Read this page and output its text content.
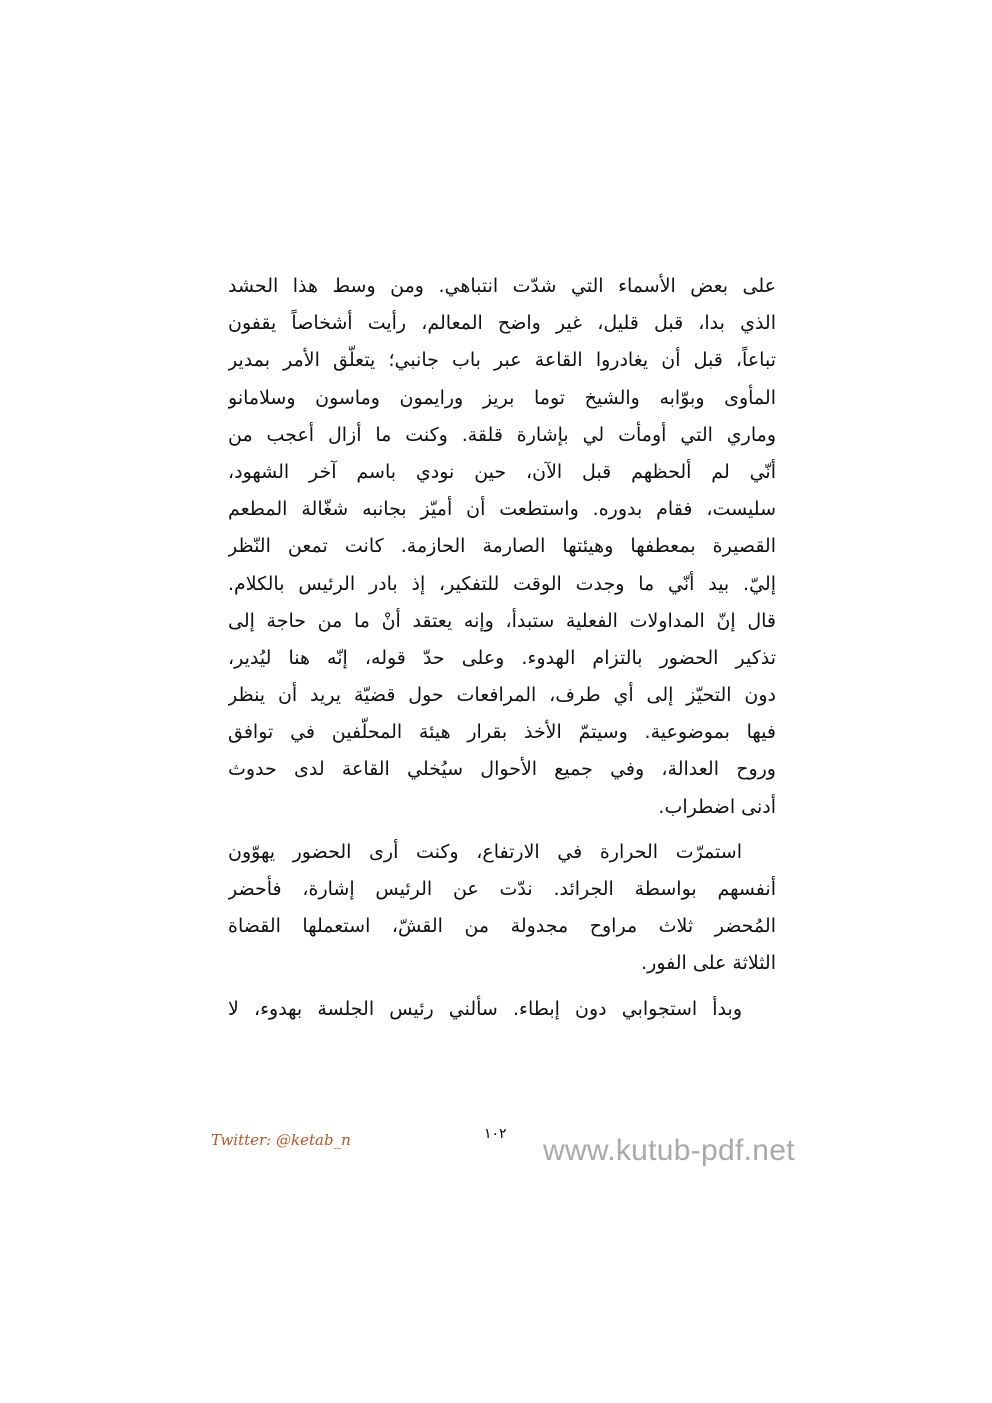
على بعض الأسماء التي شدّت انتباهي. ومن وسط هذا الحشد
الذي بدا، قبل قليل، غير واضح المعالم، رأيت أشخاصاً يقفون
تباعاً، قبل أن يغادروا القاعة عبر باب جانبي؛ يتعلّق الأمر بمدير
المأوى وبوّابه والشيخ توما بريز ورايمون وماسون وسلامانو
وماري التي أومأت لي بإشارة قلقة. وكنت ما أزال أعجب من
أنّي لم ألحظهم قبل الآن، حين نودي باسم آخر الشهود،
سليست، فقام بدوره. واستطعت أن أميّز بجانبه شغّالة المطعم
القصيرة بمعطفها وهيئتها الصارمة الحازمة. كانت تمعن النّظر
إليّ. بيد أنّي ما وجدت الوقت للتفكير، إذ بادر الرئيس بالكلام.
قال إنّ المداولات الفعلية ستبدأ، وإنه يعتقد أنْ ما من حاجة إلى
تذكير الحضور بالتزام الهدوء. وعلى حدّ قوله، إنّه هنا ليُدير،
دون التحيّز إلى أي طرف، المرافعات حول قضيّة يريد أن ينظر
فيها بموضوعية. وسيتمّ الأخذ بقرار هيئة المحلّفين في توافق
وروح العدالة، وفي جميع الأحوال سيُخلي القاعة لدى حدوث
أدنى اضطراب.
استمرّت الحرارة في الارتفاع، وكنت أرى الحضور يهوّون
أنفسهم بواسطة الجرائد. ندّت عن الرئيس إشارة، فأحضر
المُحضر ثلاث مراوح مجدولة من القشّ، استعملها القضاة
الثلاثة على الفور.
وبدأ استجوابي دون إبطاء. سألني رئيس الجلسة بهدوء، لا
Twitter: @ketab_n	١٠٢ www.kutub-pdf.net
